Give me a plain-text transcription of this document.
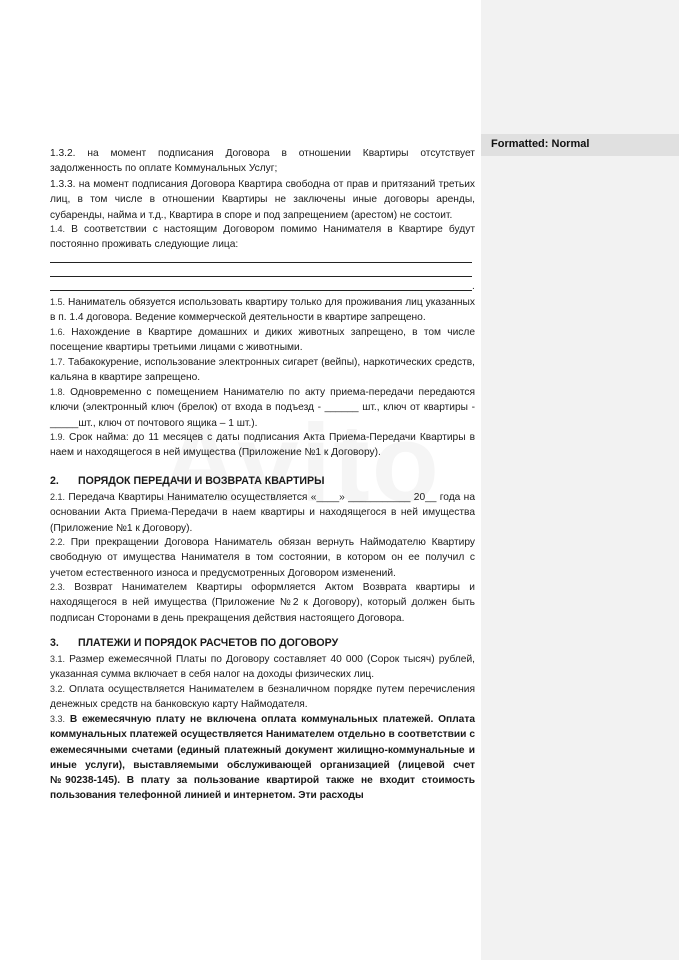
Formatted: Normal
1.3.2. на момент подписания Договора в отношении Квартиры отсутствует задолженность по оплате Коммунальных Услуг;
1.3.3. на момент подписания Договора Квартира свободна от прав и притязаний третьих лиц, в том числе в отношении Квартиры не заключены иные договоры аренды, субаренды, найма и т.д., Квартира в споре и под запрещением (арестом) не состоит.
1.4. В соответствии с настоящим Договором помимо Нанимателя в Квартире будут постоянно проживать следующие лица:
.
1.5. Наниматель обязуется использовать квартиру только для проживания лиц указанных в п. 1.4 договора. Ведение коммерческой деятельности в квартире запрещено.
1.6. Нахождение в Квартире домашних и диких животных запрещено, в том числе посещение квартиры третьими лицами с животными.
1.7. Табакокурение, использование электронных сигарет (вейпы), наркотических средств, кальяна в квартире запрещено.
1.8. Одновременно с помещением Нанимателю по акту приема-передачи передаются ключи (электронный ключ (брелок) от входа в подъезд - ______ шт., ключ от квартиры - _____шт., ключ от почтового ящика – 1 шт.).
1.9. Срок найма: до 11 месяцев с даты подписания Акта Приема-Передачи Квартиры в наем и находящегося в ней имущества (Приложение №1 к Договору).
2. ПОРЯДОК ПЕРЕДАЧИ И ВОЗВРАТА КВАРТИРЫ
2.1. Передача Квартиры Нанимателю осуществляется «____» ___________ 20__ года на основании Акта Приема-Передачи в наем квартиры и находящегося в ней имущества (Приложение №1 к Договору).
2.2. При прекращении Договора Наниматель обязан вернуть Наймодателю Квартиру свободную от имущества Нанимателя в том состоянии, в котором он ее получил с учетом естественного износа и предусмотренных Договором изменений.
2.3. Возврат Нанимателем Квартиры оформляется Актом Возврата квартиры и находящегося в ней имущества (Приложение №2 к Договору), который должен быть подписан Сторонами в день прекращения действия настоящего Договора.
3. ПЛАТЕЖИ И ПОРЯДОК РАСЧЕТОВ ПО ДОГОВОРУ
3.1. Размер ежемесячной Платы по Договору составляет 40 000 (Сорок тысяч) рублей, указанная сумма включает в себя налог на доходы физических лиц.
3.2. Оплата осуществляется Нанимателем в безналичном порядке путем перечисления денежных средств на банковскую карту Наймодателя.
3.3. В ежемесячную плату не включена оплата коммунальных платежей. Оплата коммунальных платежей осуществляется Нанимателем отдельно в соответствии с ежемесячными счетами (единый платежный документ жилищно-коммунальные и иные услуги), выставляемыми обслуживающей организацией (лицевой счет №90238-145). В плату за пользование квартирой также не входит стоимость пользования телефонной линией и интернетом. Эти расходы
